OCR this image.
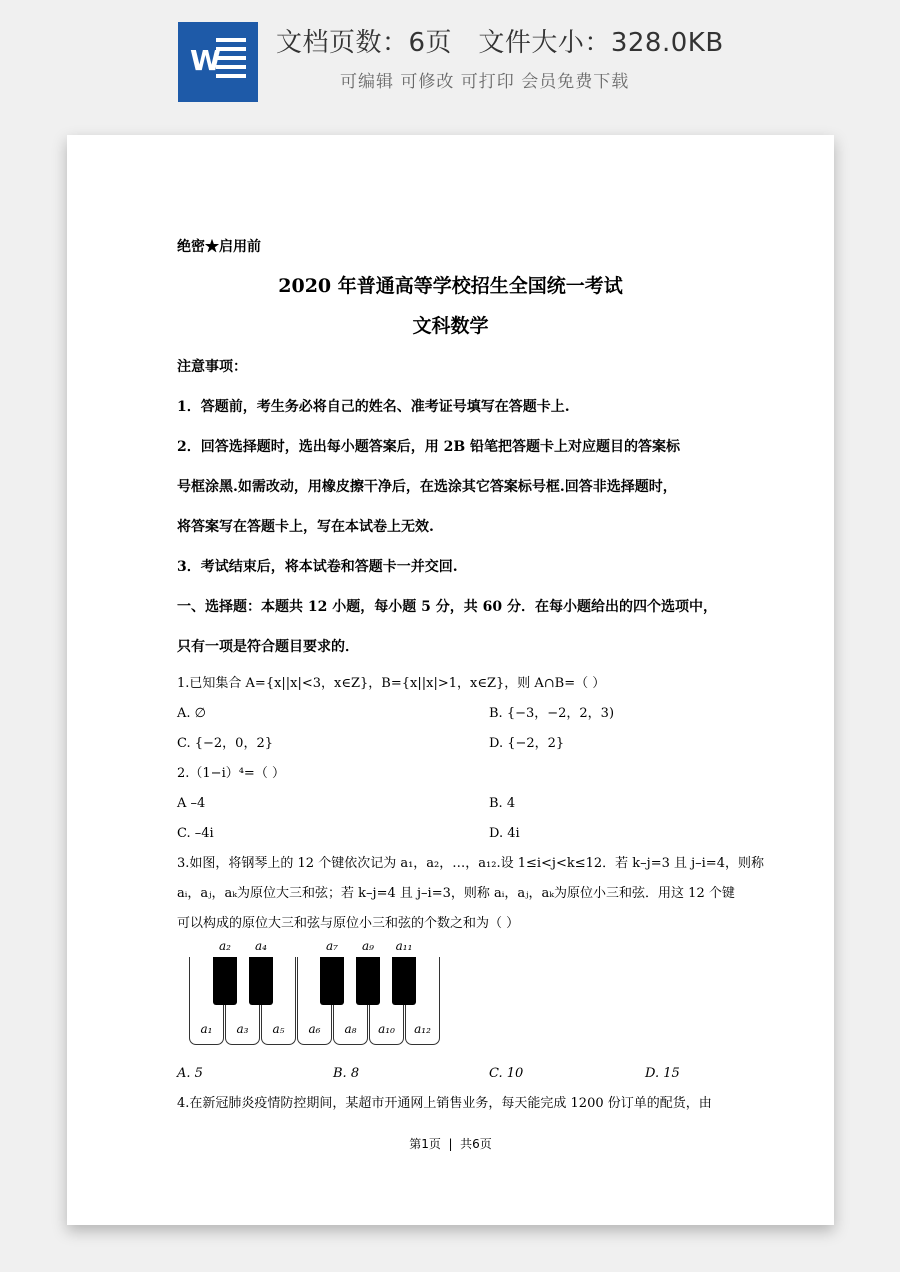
W
文档页数：6页   文件大小：328.0KB
可编辑 可修改 可打印 会员免费下载
绝密★启用前
2020 年普通高等学校招生全国统一考试
文科数学
注意事项：
1．答题前，考生务必将自己的姓名、准考证号填写在答题卡上.
2．回答选择题时，选出每小题答案后，用 2B 铅笔把答题卡上对应题目的答案标
号框涂黑.如需改动，用橡皮擦干净后，在选涂其它答案标号框.回答非选择题时，
将答案写在答题卡上，写在本试卷上无效.
3．考试结束后，将本试卷和答题卡一并交回.
一、选择题：本题共 12 小题，每小题 5 分，共 60 分．在每小题给出的四个选项中，
只有一项是符合题目要求的．
1.已知集合 A={x||x|<3，x∈Z}，B={x||x|>1，x∈Z}，则 A∩B=（ ）
A. ∅	B. {−3，−2，2，3)
C. {−2，0，2}	D. {−2，2}
2.（1−i）⁴=（ ）
A –4	B. 4
C. –4i	D. 4i
3.如图，将钢琴上的 12 个键依次记为 a₁，a₂，…，a₁₂.设 1≤i<j<k≤12．若 k–j=3 且 j–i=4，则称
aᵢ，aⱼ，aₖ为原位大三和弦；若 k–j=4 且 j–i=3，则称 aᵢ，aⱼ，aₖ为原位小三和弦．用这 12 个键
可以构成的原位大三和弦与原位小三和弦的个数之和为（ ）
a₁	a₃	a₅	a₆	a₈	a₁₀	a₁₂
a₂	a₄	a₇	a₉	a₁₁
A. 5	B. 8	C. 10	D. 15
4.在新冠肺炎疫情防控期间，某超市开通网上销售业务，每天能完成 1200 份订单的配货，由
第1页  |  共6页
